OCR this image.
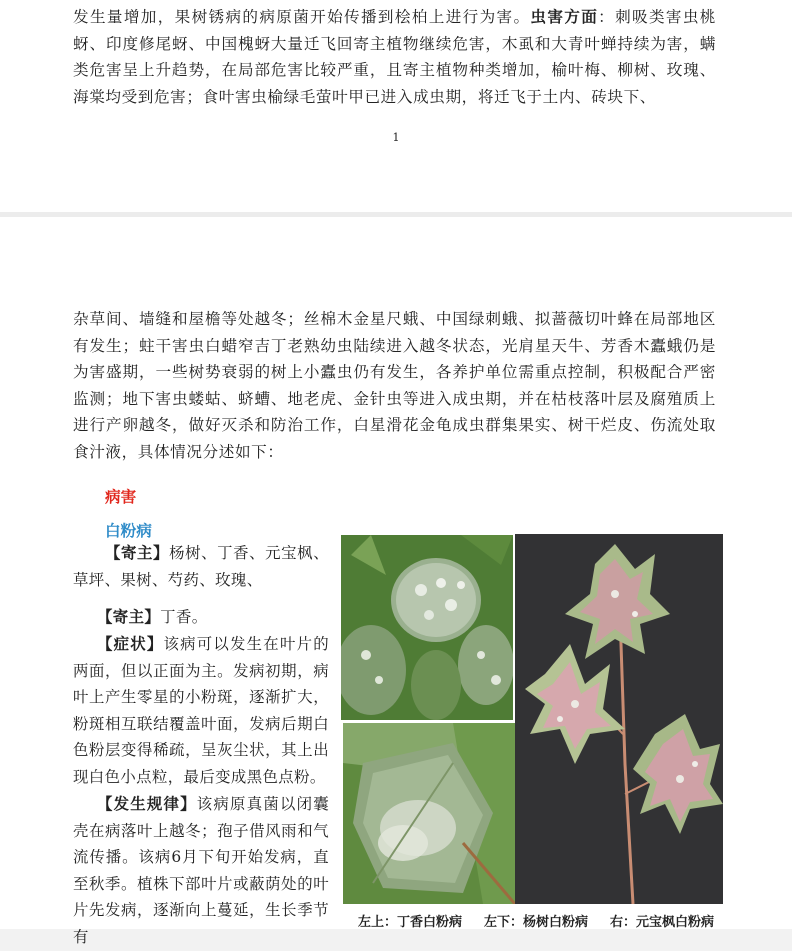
发生量增加，果树锈病的病原菌开始传播到桧柏上进行为害。虫害方面：刺吸类害虫桃蚜、印度修尾蚜、中国槐蚜大量迁飞回寄主植物继续危害，木虱和大青叶蝉持续为害，螨类危害呈上升趋势，在局部危害比较严重，且寄主植物种类增加，榆叶梅、柳树、玫瑰、海棠均受到危害；食叶害虫榆绿毛萤叶甲已进入成虫期，将迁飞于土内、砖块下、

1

杂草间、墙缝和屋檐等处越冬；丝棉木金星尺蛾、中国绿刺蛾、拟蔷薇切叶蜂在局部地区有发生；蛀干害虫白蜡窄吉丁老熟幼虫陆续进入越冬状态，光肩星天牛、芳香木蠹蛾仍是为害盛期，一些树势衰弱的树上小蠹虫仍有发生，各养护单位需重点控制，积极配合严密监测；地下害虫蝼蛄、蛴螬、地老虎、金针虫等进入成虫期，并在枯枝落叶层及腐殖质上进行产卵越冬，做好灭杀和防治工作，白星滑花金龟成虫群集果实、树干烂皮、伤流处取食汁液，具体情况分述如下：

病害

白粉病

【寄主】杨树、丁香、元宝枫、草坪、果树、芍药、玫瑰、

【寄主】丁香。

【症状】该病可以发生在叶片的两面，但以正面为主。发病初期，病叶上产生零星的小粉斑，逐渐扩大，粉斑相互联结覆盖叶面，发病后期白色粉层变得稀疏，呈灰尘状，其上出现白色小点粒，最后变成黑色点粉。

【发生规律】该病原真菌以闭囊壳在病落叶上越冬；孢子借风雨和气流传播。该病6月下旬开始发病，直至秋季。植株下部叶片或蔽荫处的叶片先发病，逐渐向上蔓延，生长季节有

左上：丁香白粉病 左下：杨树白粉病 右：元宝枫白粉病
